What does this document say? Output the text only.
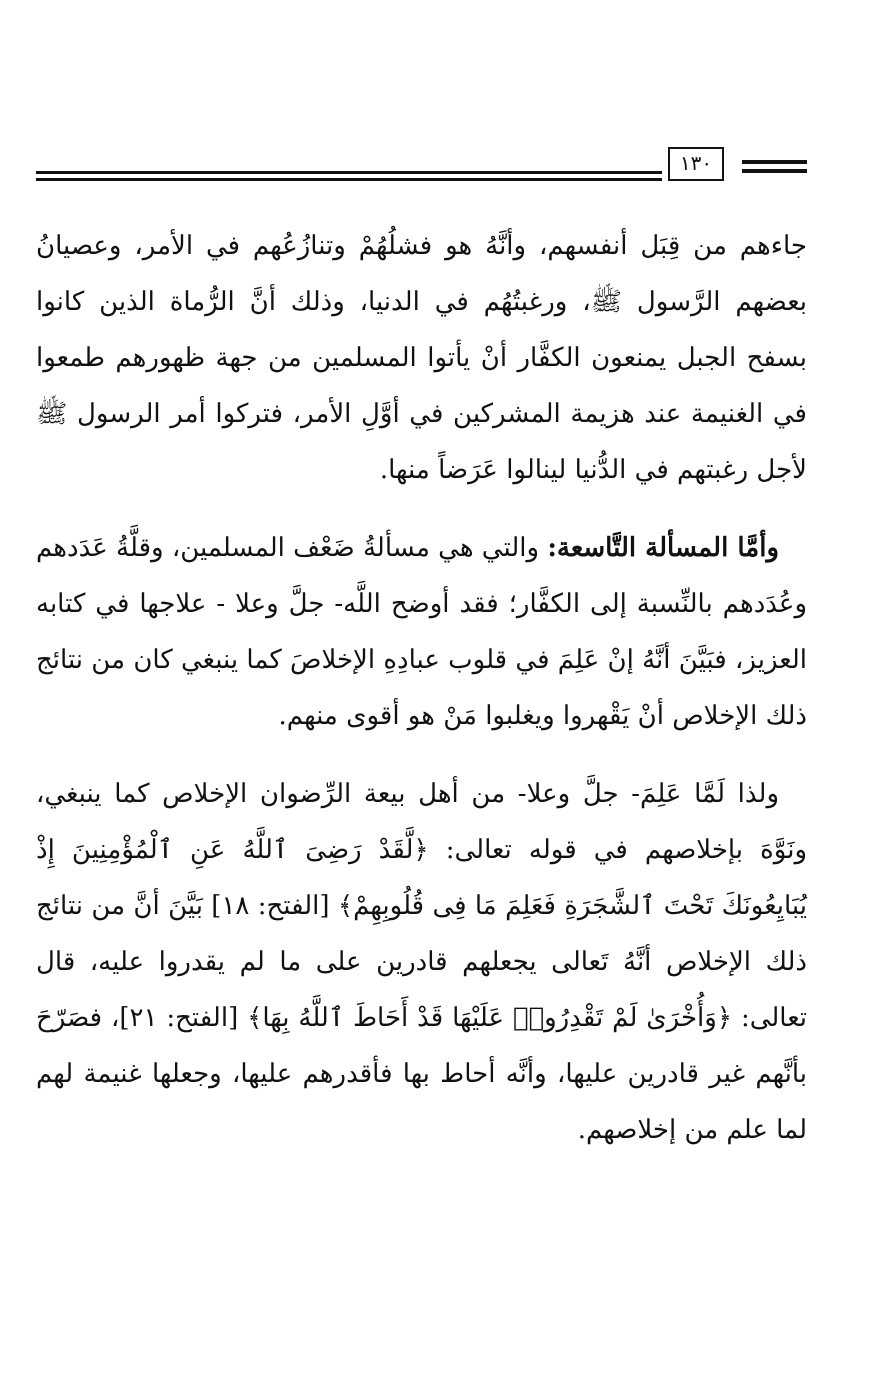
١٣٠

جاءهم من قِبَل أنفسهم، وأنَّهُ هو فشلُهُمْ وتنازُعُهم في الأمر، وعصيانُ بعضهم الرَّسول ﷺ، ورغبتُهُم في الدنيا، وذلك أنَّ الرُّماة الذين كانوا بسفح الجبل يمنعون الكفَّار أنْ يأتوا المسلمين من جهة ظهورهم طمعوا في الغنيمة عند هزيمة المشركين في أوَّلِ الأمر، فتركوا أمر الرسول ﷺ لأجل رغبتهم في الدُّنيا لينالوا عَرَضاً منها.

وأمَّا المسألة التَّاسعة: والتي هي مسألةُ ضَعْف المسلمين، وقلَّةُ عَدَدهم وعُدَدهم بالنِّسبة إلى الكفَّار؛ فقد أوضح اللَّه- جلَّ وعلا - علاجها في كتابه العزيز، فبَيَّنَ أنَّهُ إنْ عَلِمَ في قلوب عبادِهِ الإخلاصَ كما ينبغي كان من نتائج ذلك الإخلاص أنْ يَقْهروا ويغلبوا مَنْ هو أقوى منهم.

ولذا لَمَّا عَلِمَ- جلَّ وعلا- من أهل بيعة الرِّضوان الإخلاص كما ينبغي، ونَوَّهَ بإخلاصهم في قوله تعالى: ﴿لَّقَدْ رَضِىَ ٱللَّهُ عَنِ ٱلْمُؤْمِنِينَ إِذْ يُبَايِعُونَكَ تَحْتَ ٱلشَّجَرَةِ فَعَلِمَ مَا فِى قُلُوبِهِمْ﴾ [الفتح: ١٨] بَيَّنَ أنَّ من نتائج ذلك الإخلاص أنَّهُ تَعالى يجعلهم قادرين على ما لم يقدروا عليه، قال تعالى: ﴿وَأُخْرَىٰ لَمْ تَقْدِرُوا۟ عَلَيْهَا قَدْ أَحَاطَ ٱللَّهُ بِهَا﴾ [الفتح: ٢١]، فصَرّحَ بأنَّهم غير قادرين عليها، وأنَّه أحاط بها فأقدرهم عليها، وجعلها غنيمة لهم لما علم من إخلاصهم.
